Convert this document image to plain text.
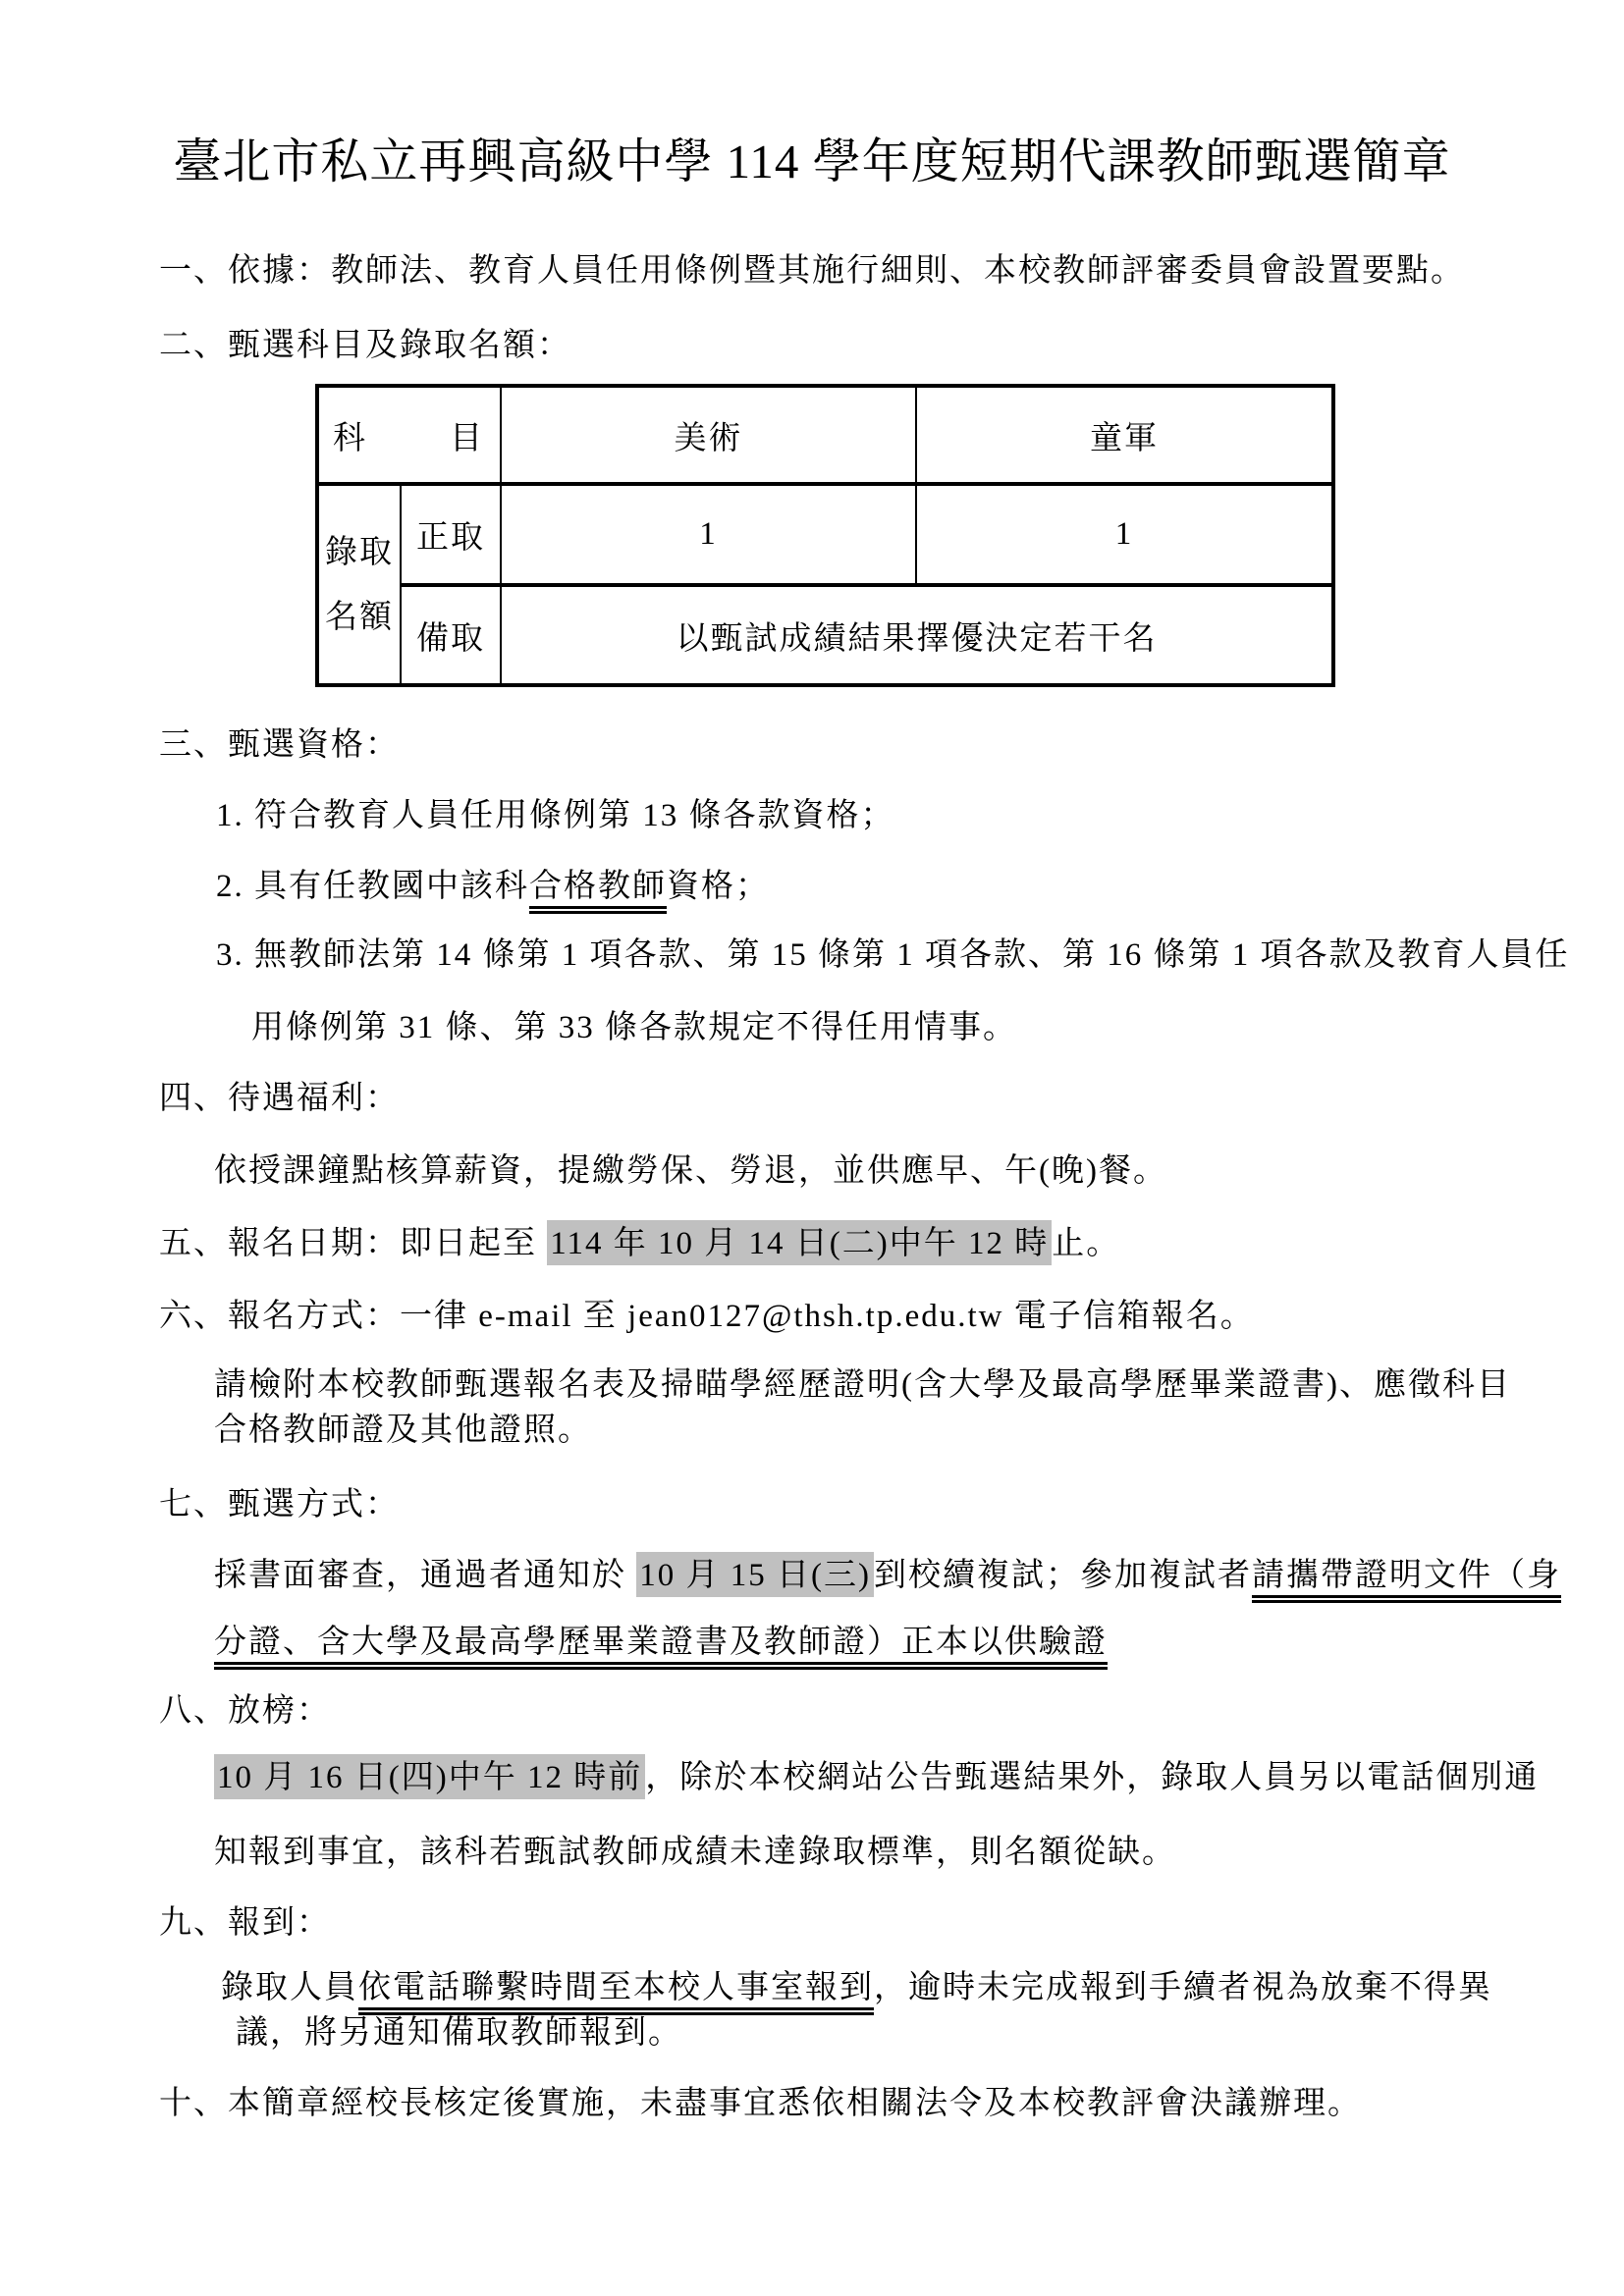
臺北市私立再興高級中學 114 學年度短期代課教師甄選簡章
一、依據：教師法、教育人員任用條例暨其施行細則、本校教師評審委員會設置要點。
二、甄選科目及錄取名額：
科 目		美術	童軍

錄取
名額	正取	1	1
	備取	以甄試成績結果擇優決定若干名	
三、甄選資格：
1. 符合教育人員任用條例第 13 條各款資格；
2. 具有任教國中該科合格教師資格；
3. 無教師法第 14 條第 1 項各款、第 15 條第 1 項各款、第 16 條第 1 項各款及教育人員任
用條例第 31 條、第 33 條各款規定不得任用情事。
四、待遇福利：
依授課鐘點核算薪資，提繳勞保、勞退，並供應早、午(晚)餐。
五、報名日期：即日起至 114 年 10 月 14 日(二)中午 12 時止。
六、報名方式：一律 e-mail 至 jean0127@thsh.tp.edu.tw 電子信箱報名。
請檢附本校教師甄選報名表及掃瞄學經歷證明(含大學及最高學歷畢業證書)、應徵科目
合格教師證及其他證照。
七、甄選方式：
採書面審查，通過者通知於 10 月 15 日(三)到校續複試；參加複試者請攜帶證明文件（身
分證、含大學及最高學歷畢業證書及教師證）正本以供驗證
八、放榜：
10 月 16 日(四)中午 12 時前，除於本校網站公告甄選結果外，錄取人員另以電話個別通
知報到事宜，該科若甄試教師成績未達錄取標準，則名額從缺。
九、報到：
錄取人員依電話聯繫時間至本校人事室報到，逾時未完成報到手續者視為放棄不得異
議，將另通知備取教師報到。
十、本簡章經校長核定後實施，未盡事宜悉依相關法令及本校教評會決議辦理。
